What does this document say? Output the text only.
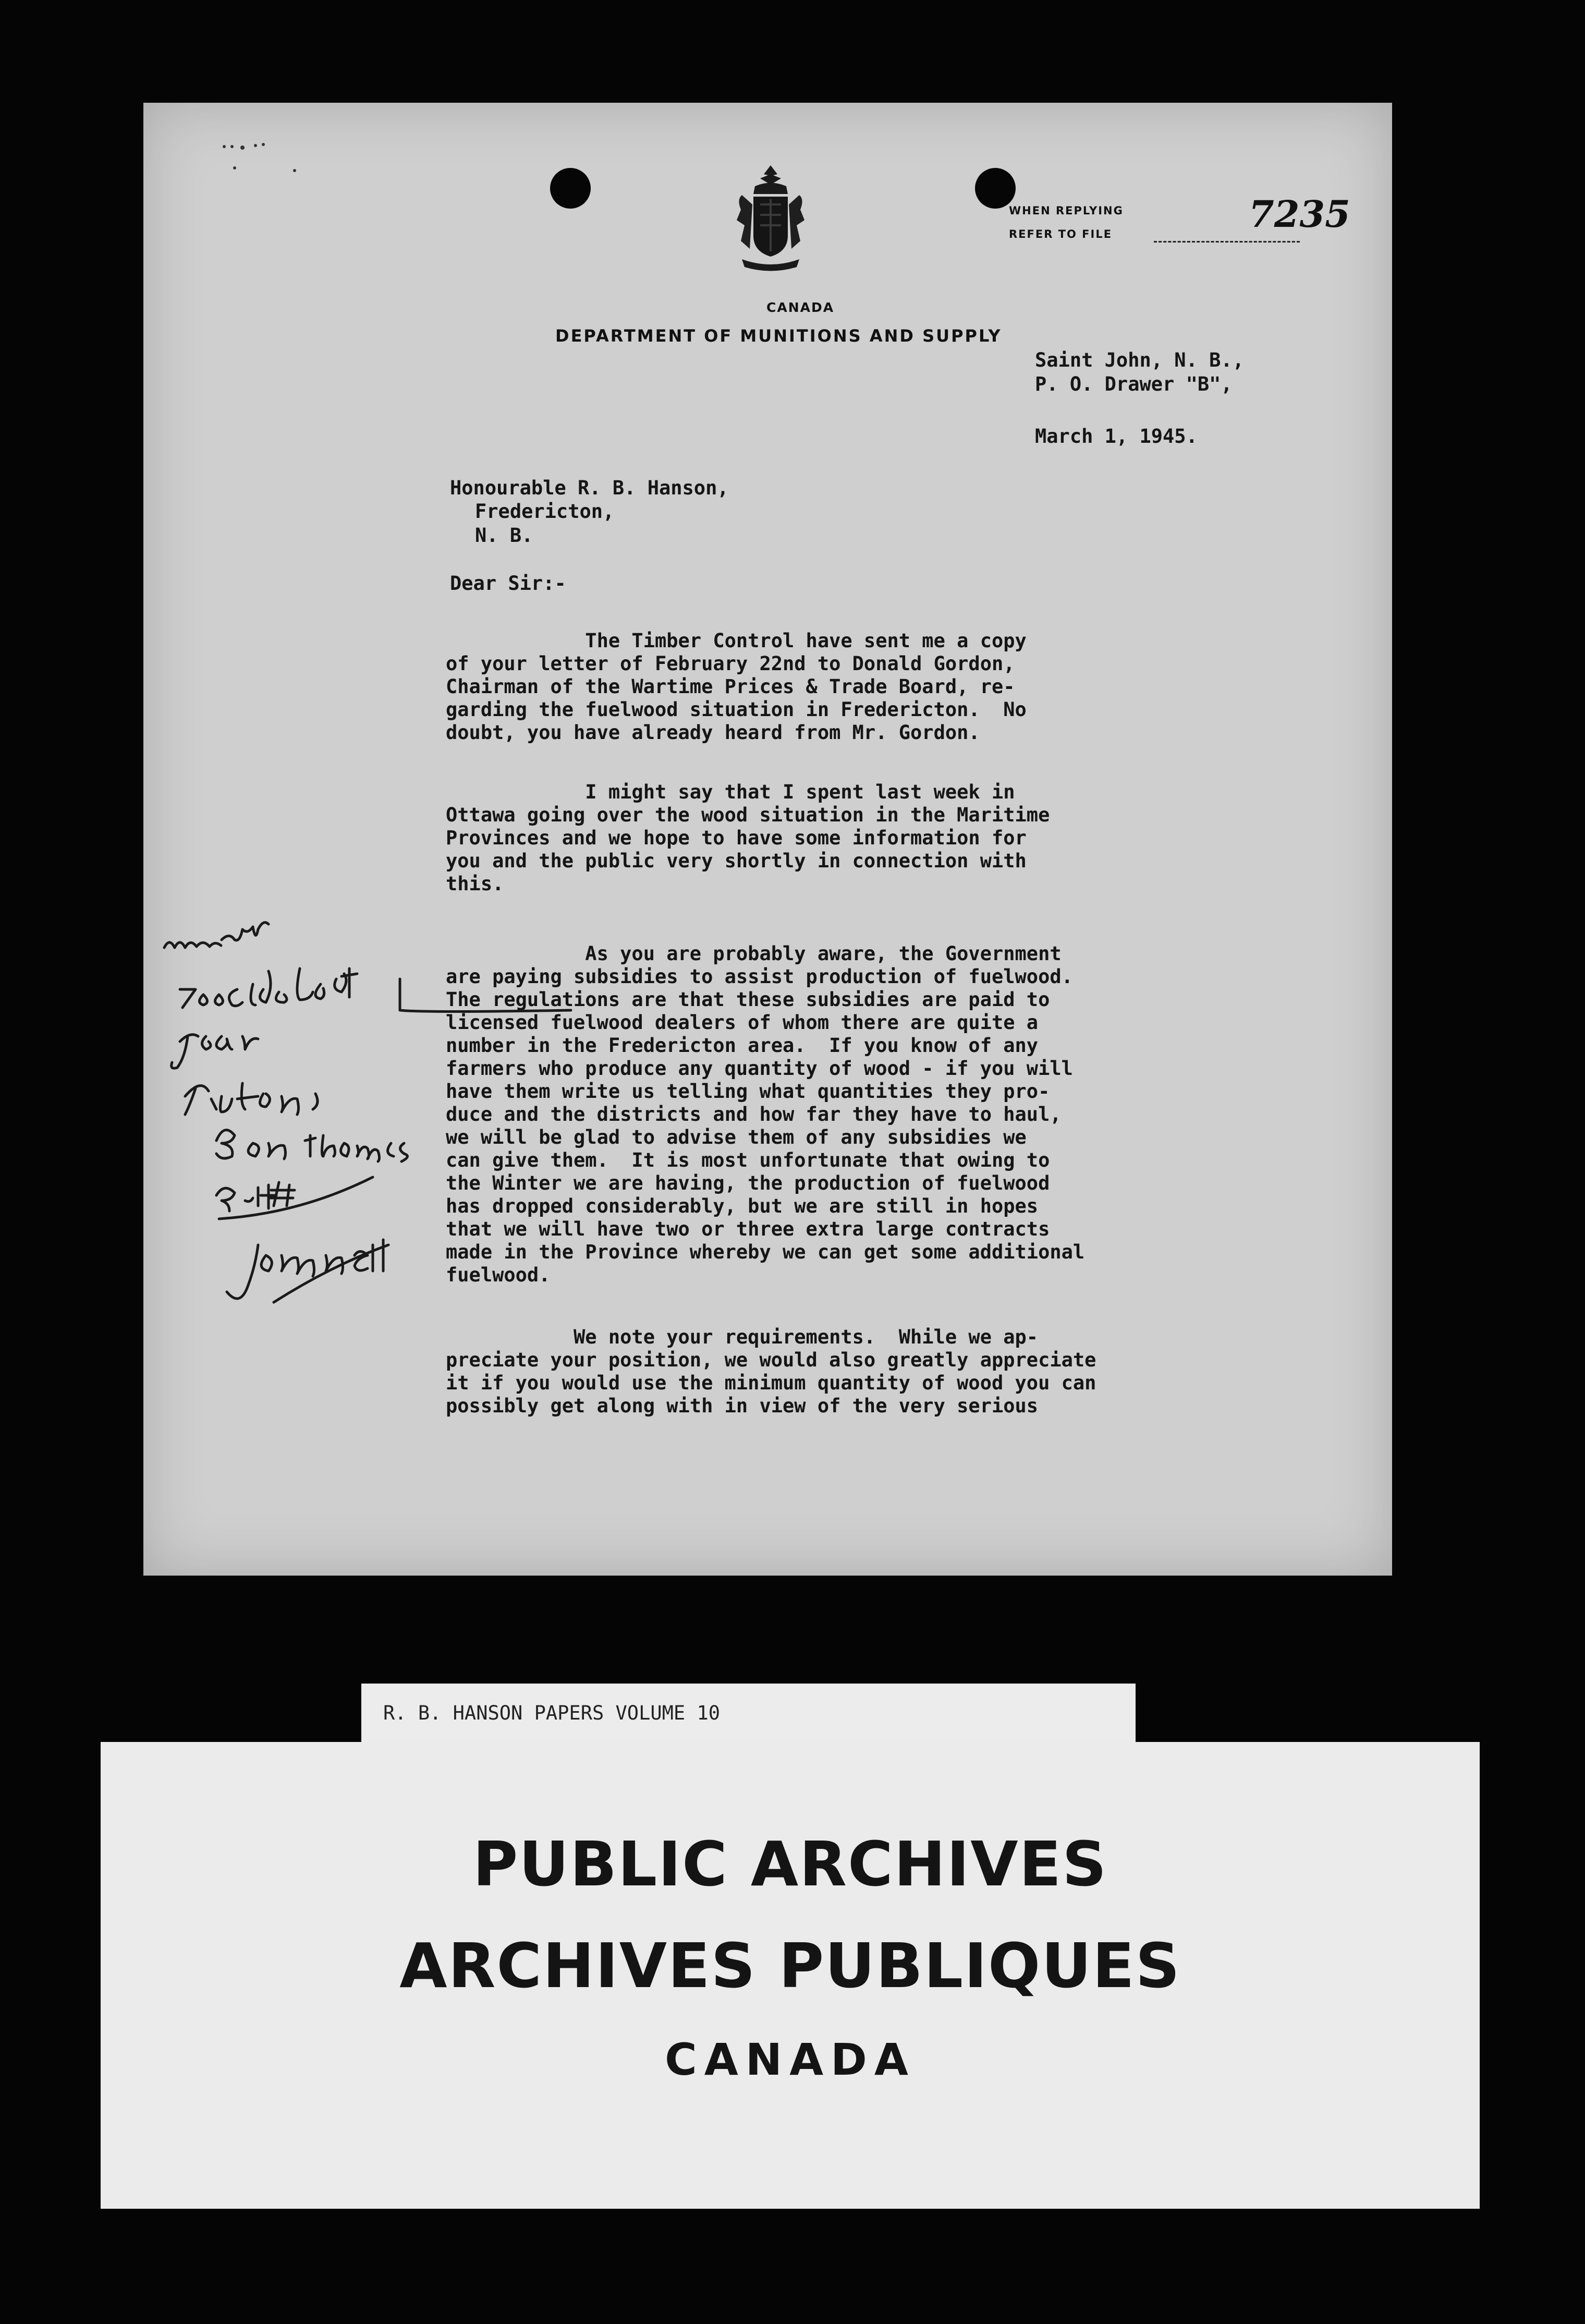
CANADA
DEPARTMENT OF MUNITIONS AND SUPPLY
WHEN REPLYING
REFER TO FILE	7235
Saint John, N. B.,
P. O. Drawer "B",
March 1, 1945.
Honourable R. B. Hanson,
Fredericton,
N. B.
Dear Sir:-
The Timber Control have sent me a copy
of your letter of February 22nd to Donald Gordon,
Chairman of the Wartime Prices & Trade Board, re-
garding the fuelwood situation in Fredericton.  No
doubt, you have already heard from Mr. Gordon.
I might say that I spent last week in
Ottawa going over the wood situation in the Maritime
Provinces and we hope to have some information for
you and the public very shortly in connection with
this.
As you are probably aware, the Government
are paying subsidies to assist production of fuelwood.
The regulations are that these subsidies are paid to
licensed fuelwood dealers of whom there are quite a
number in the Fredericton area.  If you know of any
farmers who produce any quantity of wood - if you will
have them write us telling what quantities they pro-
duce and the districts and how far they have to haul,
we will be glad to advise them of any subsidies we
can give them.  It is most unfortunate that owing to
the Winter we are having, the production of fuelwood
has dropped considerably, but we are still in hopes
that we will have two or three extra large contracts
made in the Province whereby we can get some additional
fuelwood.
We note your requirements.  While we ap-
preciate your position, we would also greatly appreciate
it if you would use the minimum quantity of wood you can
possibly get along with in view of the very serious
R. B. HANSON PAPERS VOLUME 10
PUBLIC ARCHIVES
ARCHIVES PUBLIQUES
CANADA
